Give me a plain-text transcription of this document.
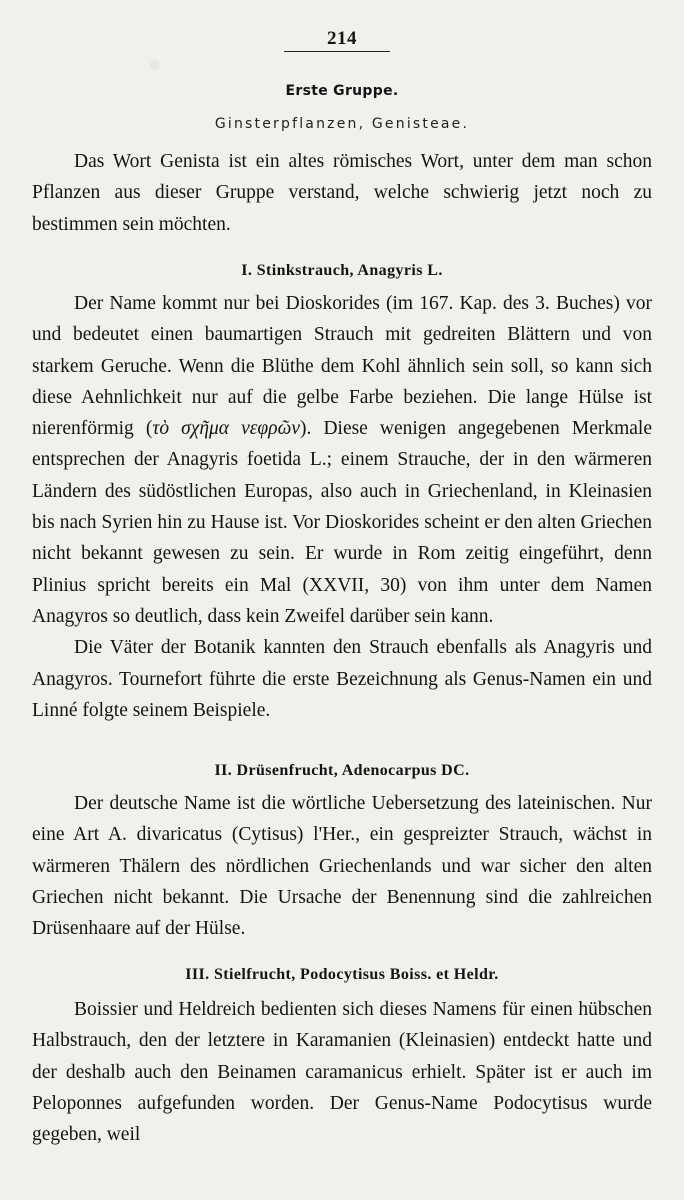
214
Erste Gruppe.
Ginsterpflanzen, Genisteae.

Das Wort Genista ist ein altes römisches Wort, unter dem man schon Pflanzen aus dieser Gruppe verstand, welche schwierig jetzt noch zu bestimmen sein möchten.

I. Stinkstrauch, Anagyris L.

Der Name kommt nur bei Dioskorides (im 167. Kap. des 3. Buches) vor und bedeutet einen baumartigen Strauch mit gedreiten Blättern und von starkem Geruche. Wenn die Blüthe dem Kohl ähnlich sein soll, so kann sich diese Aehnlichkeit nur auf die gelbe Farbe beziehen. Die lange Hülse ist nierenförmig (τὸ σχῆμα νεφρῶν). Diese wenigen angegebenen Merkmale entsprechen der Anagyris foetida L.; einem Strauche, der in den wärmeren Ländern des südöstlichen Europas, also auch in Griechenland, in Kleinasien bis nach Syrien hin zu Hause ist. Vor Dioskorides scheint er den alten Griechen nicht bekannt gewesen zu sein. Er wurde in Rom zeitig eingeführt, denn Plinius spricht bereits ein Mal (XXVII, 30) von ihm unter dem Namen Anagyros so deutlich, dass kein Zweifel darüber sein kann.

Die Väter der Botanik kannten den Strauch ebenfalls als Anagyris und Anagyros. Tournefort führte die erste Bezeichnung als Genus-Namen ein und Linné folgte seinem Beispiele.

II. Drüsenfrucht, Adenocarpus DC.

Der deutsche Name ist die wörtliche Uebersetzung des lateinischen. Nur eine Art A. divaricatus (Cytisus) l'Her., ein gespreizter Strauch, wächst in wärmeren Thälern des nördlichen Griechenlands und war sicher den alten Griechen nicht bekannt. Die Ursache der Benennung sind die zahlreichen Drüsenhaare auf der Hülse.

III. Stielfrucht, Podocytisus Boiss. et Heldr.

Boissier und Heldreich bedienten sich dieses Namens für einen hübschen Halbstrauch, den der letztere in Karamanien (Kleinasien) entdeckt hatte und der deshalb auch den Beinamen caramanicus erhielt. Später ist er auch im Peloponnes aufgefunden worden. Der Genus-Name Podocytisus wurde gegeben, weil
